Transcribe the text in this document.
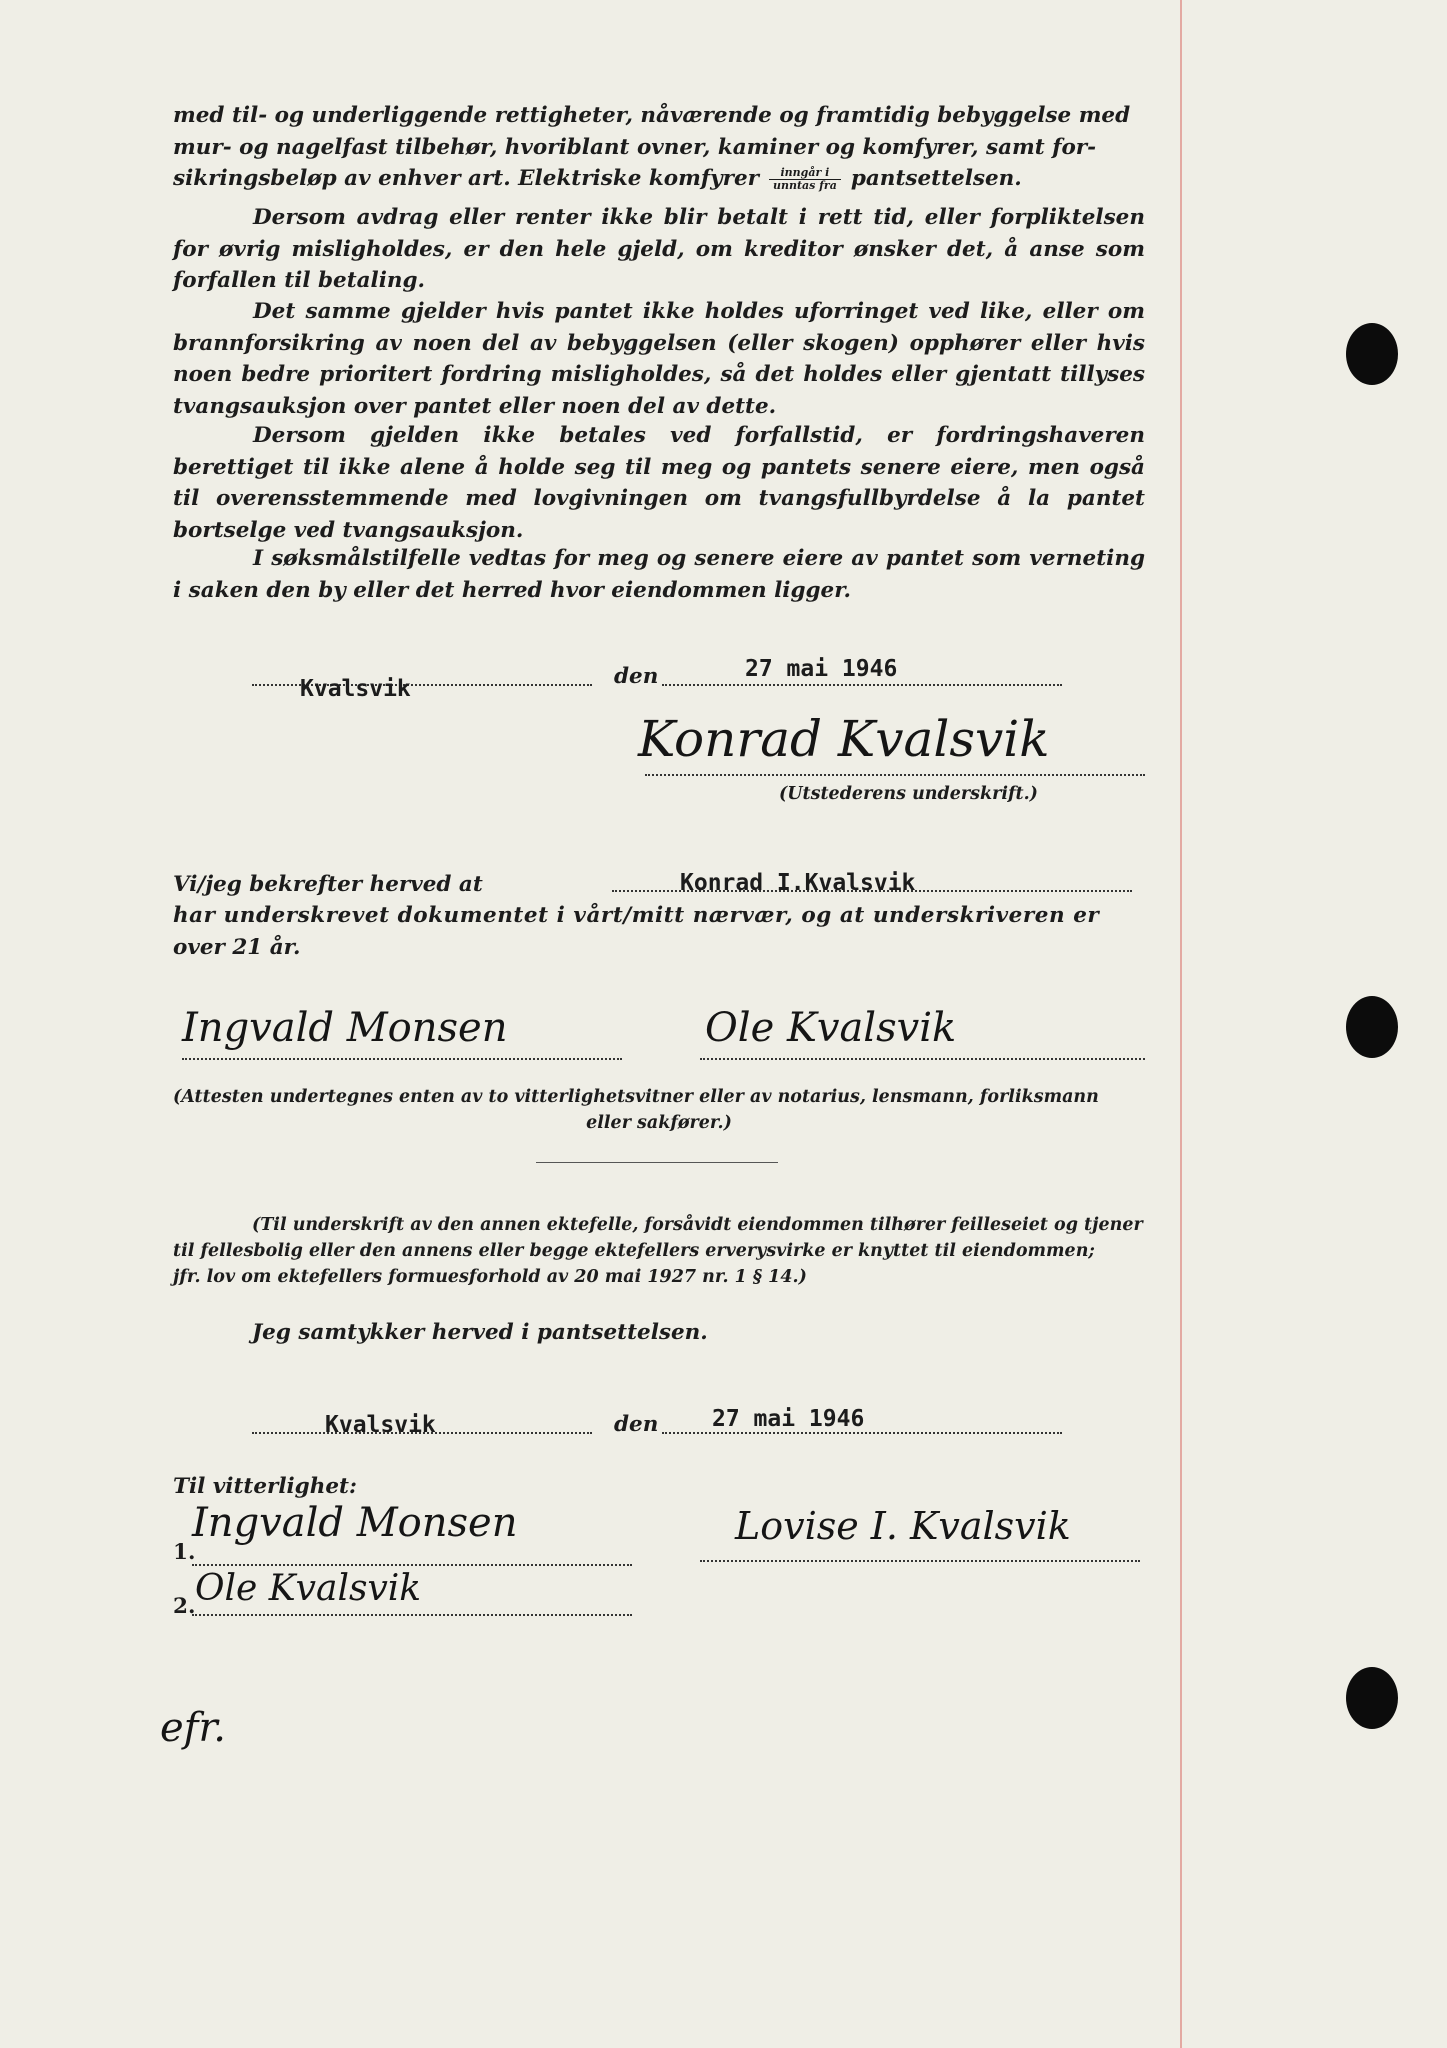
med til- og underliggende rettigheter, nåværende og framtidig bebyggelse med
mur- og nagelfast tilbehør, hvoriblant ovner, kaminer og komfyrer, samt for-
sikringsbeløp av enhver art. Elektriske komfyrer $\frac{\text{inngår i}}{\text{unntas fra}}$ pantsettelsen.

Dersom avdrag eller renter ikke blir betalt i rett tid, eller forpliktelsen for øvrig misligholdes, er den hele gjeld, om kreditor ønsker det, å anse som forfallen til betaling.

Det samme gjelder hvis pantet ikke holdes uforringet ved like, eller om brannforsikring av noen del av bebyggelsen (eller skogen) opphører eller hvis noen bedre prioritert fordring misligholdes, så det holdes eller gjentatt tillyses tvangsauksjon over pantet eller noen del av dette.

Dersom gjelden ikke betales ved forfallstid, er fordringshaveren berettiget til ikke alene å holde seg til meg og pantets senere eiere, men også til overensstemmende med lovgivningen om tvangsfullbyrdelse å la pantet bortselge ved tvangsauksjon.

I søksmålstilfelle vedtas for meg og senere eiere av pantet som verneting i saken den by eller det herred hvor eiendommen ligger.

Kvalsvik	den	27 mai 1946
Konrad Kvalsvik
(Utstederens underskrift.)
Vi/jeg bekrefter herved at	Konrad I.Kvalsvik
har underskrevet dokumentet i vårt/mitt nærvær, og at underskriveren er
over 21 år.
Ingvald Monsen	Ole Kvalsvik
(Attesten undertegnes enten av to vitterlighetsvitner eller av notarius, lensmann, forliksmann
eller sakfører.)
(Til underskrift av den annen ektefelle, forsåvidt eiendommen tilhører feilleseiet og tjener
til fellesbolig eller den annens eller begge ektefellers erverysvirke er knyttet til eiendommen;
jfr. lov om ektefellers formuesforhold av 20 mai 1927 nr. 1 § 14.)
Jeg samtykker herved i pantsettelsen.
Kvalsvik	den 27 mai 1946
Til vitterlighet:
1.
Ingvald Monsen
2. Ole Kvalsvik
Lovise I. Kvalsvik
efr.
